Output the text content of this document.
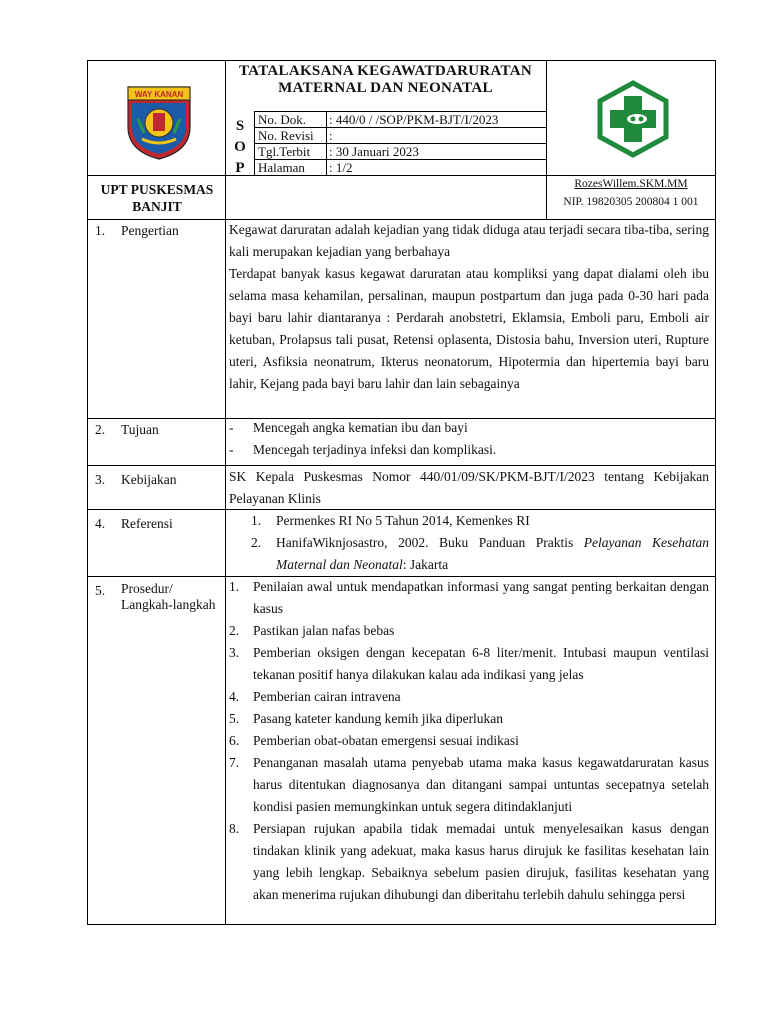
WAY KANAN
TATALAKSANA KEGAWATDARURATAN MATERNAL DAN NEONATAL
S
O
P
No. Dok.	: 440/0 / /SOP/PKM-BJT/I/2023
No. Revisi	:
Tgl.Terbit	: 30 Januari 2023
Halaman	: 1/2
UPT PUSKESMAS BANJIT
RozesWillem.SKM.MM
NIP. 19820305 200804 1 001
1. Pengertian	Kegawat daruratan adalah kejadian yang tidak diduga atau terjadi secara tiba-tiba, sering kali merupakan kejadian yang berbahaya
Terdapat banyak kasus kegawat daruratan atau kompliksi yang dapat dialami oleh ibu selama masa kehamilan, persalinan, maupun postpartum dan juga pada 0-30 hari pada bayi baru lahir diantaranya : Perdarah anobstetri, Eklamsia, Emboli paru, Emboli air ketuban, Prolapsus tali pusat, Retensi oplasenta, Distosia bahu, Inversion uteri, Rupture uteri, Asfiksia neonatrum, Ikterus neonatorum, Hipotermia dan hipertemia bayi baru lahir, Kejang pada bayi baru lahir dan lain sebagainya
2. Tujuan	- Mencegah angka kematian ibu dan bayi
- Mencegah terjadinya infeksi dan komplikasi.
3. Kebijakan	SK Kepala Puskesmas Nomor 440/01/09/SK/PKM-BJT/I/2023 tentang Kebijakan Pelayanan Klinis
4. Referensi	1. Permenkes RI No 5 Tahun 2014, Kemenkes RI
2. HanifaWiknjosastro, 2002. Buku Panduan Praktis Pelayanan Kesehatan Maternal dan Neonatal: Jakarta
5. Prosedur/ Langkah-langkah
1. Penilaian awal untuk mendapatkan informasi yang sangat penting berkaitan dengan kasus
2. Pastikan jalan nafas bebas
3. Pemberian oksigen dengan kecepatan 6-8 liter/menit. Intubasi maupun ventilasi tekanan positif hanya dilakukan kalau ada indikasi yang jelas
4. Pemberian cairan intravena
5. Pasang kateter kandung kemih jika diperlukan
6. Pemberian obat-obatan emergensi sesuai indikasi
7. Penanganan masalah utama penyebab utama maka kasus kegawatdaruratan kasus harus ditentukan diagnosanya dan ditangani sampai untuntas secepatnya setelah kondisi pasien memungkinkan untuk segera ditindaklanjuti
8. Persiapan rujukan apabila tidak memadai untuk menyelesaikan kasus dengan tindakan klinik yang adekuat, maka kasus harus dirujuk ke fasilitas kesehatan lain yang lebih lengkap. Sebaiknya sebelum pasien dirujuk, fasilitas kesehatan yang akan menerima rujukan dihubungi dan diberitahu terlebih dahulu sehingga persi
